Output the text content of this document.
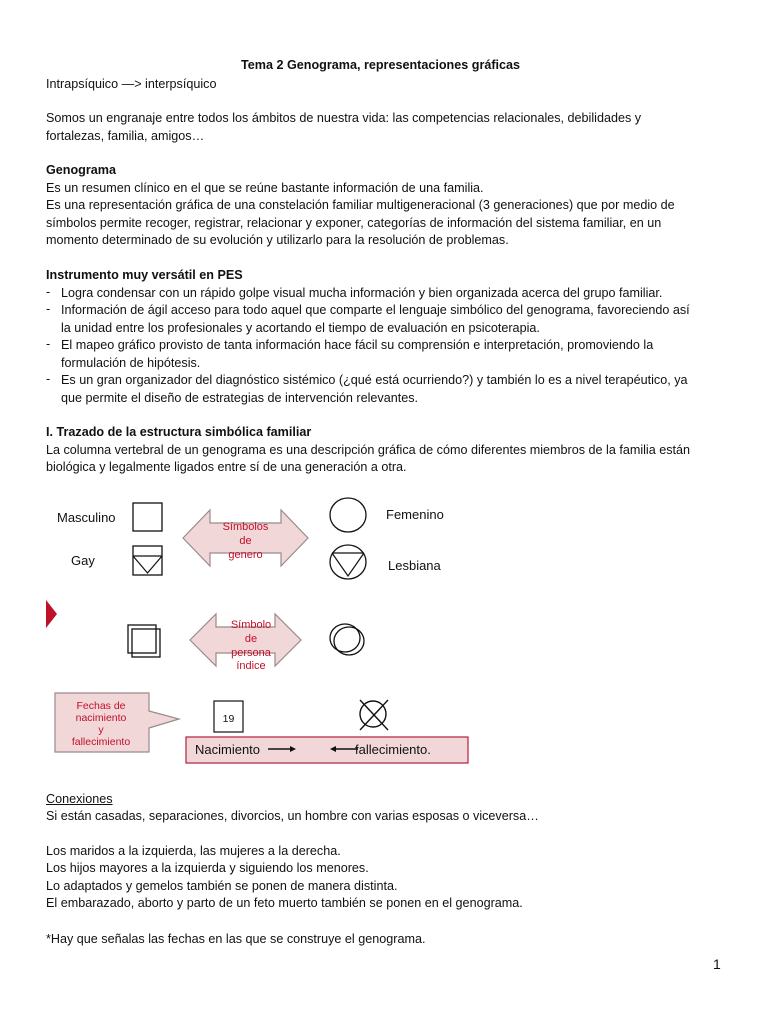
Tema 2 Genograma, representaciones gráficas
Intrapsíquico —> interpsíquico
Somos un engranaje entre todos los ámbitos de nuestra vida: las competencias relacionales, debilidades y
fortalezas, familia, amigos…
Genograma
Es un resumen clínico en el que se reúne bastante información de una familia.
Es una representación gráfica de una constelación familiar multigeneracional (3 generaciones) que por medio de
símbolos permite recoger, registrar, relacionar y exponer, categorías de información del sistema familiar, en un
momento determinado de su evolución y utilizarlo para la resolución de problemas.
Instrumento muy versátil en PES
- Logra condensar con un rápido golpe visual mucha información y bien organizada acerca del grupo familiar.
- Información de ágil acceso para todo aquel que comparte el lenguaje simbólico del genograma, favoreciendo así
la unidad entre los profesionales y acortando el tiempo de evaluación en psicoterapia.
- El mapeo gráfico provisto de tanta información hace fácil su comprensión e interpretación, promoviendo la
formulación de hipótesis.
- Es un gran organizador del diagnóstico sistémico (¿qué está ocurriendo?) y también lo es a nivel terapéutico, ya
que permite el diseño de estrategias de intervención relevantes.
I. Trazado de la estructura simbólica familiar
La columna vertebral de un genograma es una descripción gráfica de cómo diferentes miembros de la familia están
biológica y legalmente ligados entre sí de una generación a otra.
Masculino
Gay
Símbolos
de
genero
Femenino
Lesbiana
Símbolo
de
persona
índice
Fechas de
nacimiento
y
fallecimiento
19
Nacimiento	fallecimiento.
Conexiones
Si están casadas, separaciones, divorcios, un hombre con varias esposas o viceversa…
Los maridos a la izquierda, las mujeres a la derecha.
Los hijos mayores a la izquierda y siguiendo los menores.
Lo adaptados y gemelos también se ponen de manera distinta.
El embarazado, aborto y parto de un feto muerto también se ponen en el genograma.
*Hay que señalas las fechas en las que se construye el genograma.
1
